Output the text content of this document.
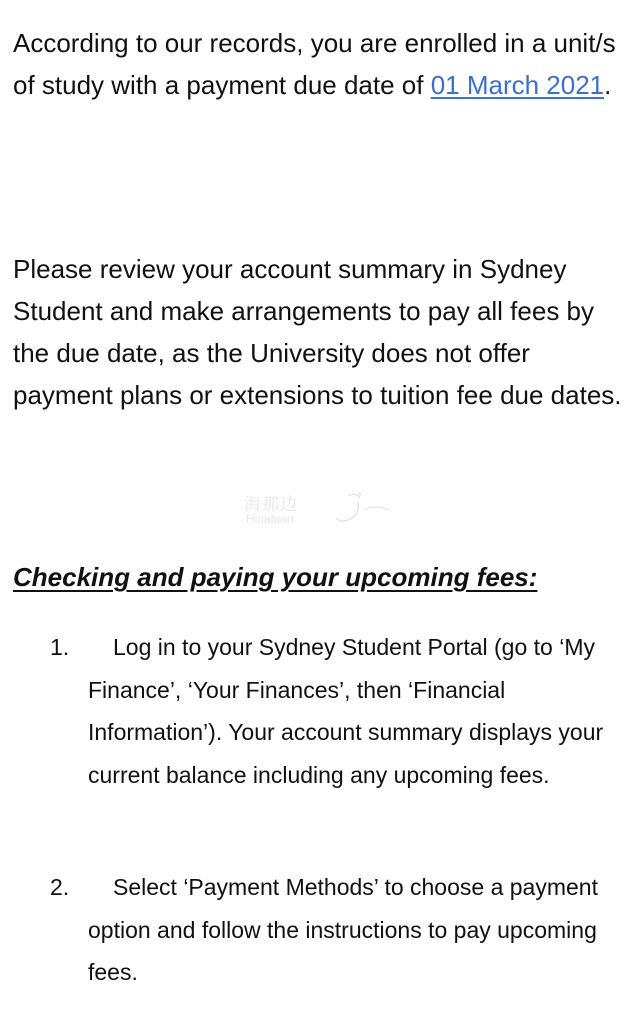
According to our records, you are enrolled in a unit/s of study with a payment due date of 01 March 2021.

Please review your account summary in Sydney Student and make arrangements to pay all fees by the due date, as the University does not offer payment plans or extensions to tuition fee due dates.

海那边
Hinabian
Checking and paying your upcoming fees:
1.	Log in to your Sydney Student Portal (go to ‘My Finance’, ‘Your Finances’, then ‘Financial Information’). Your account summary displays your current balance including any upcoming fees.

2.	Select ‘Payment Methods’ to choose a payment option and follow the instructions to pay upcoming fees.
